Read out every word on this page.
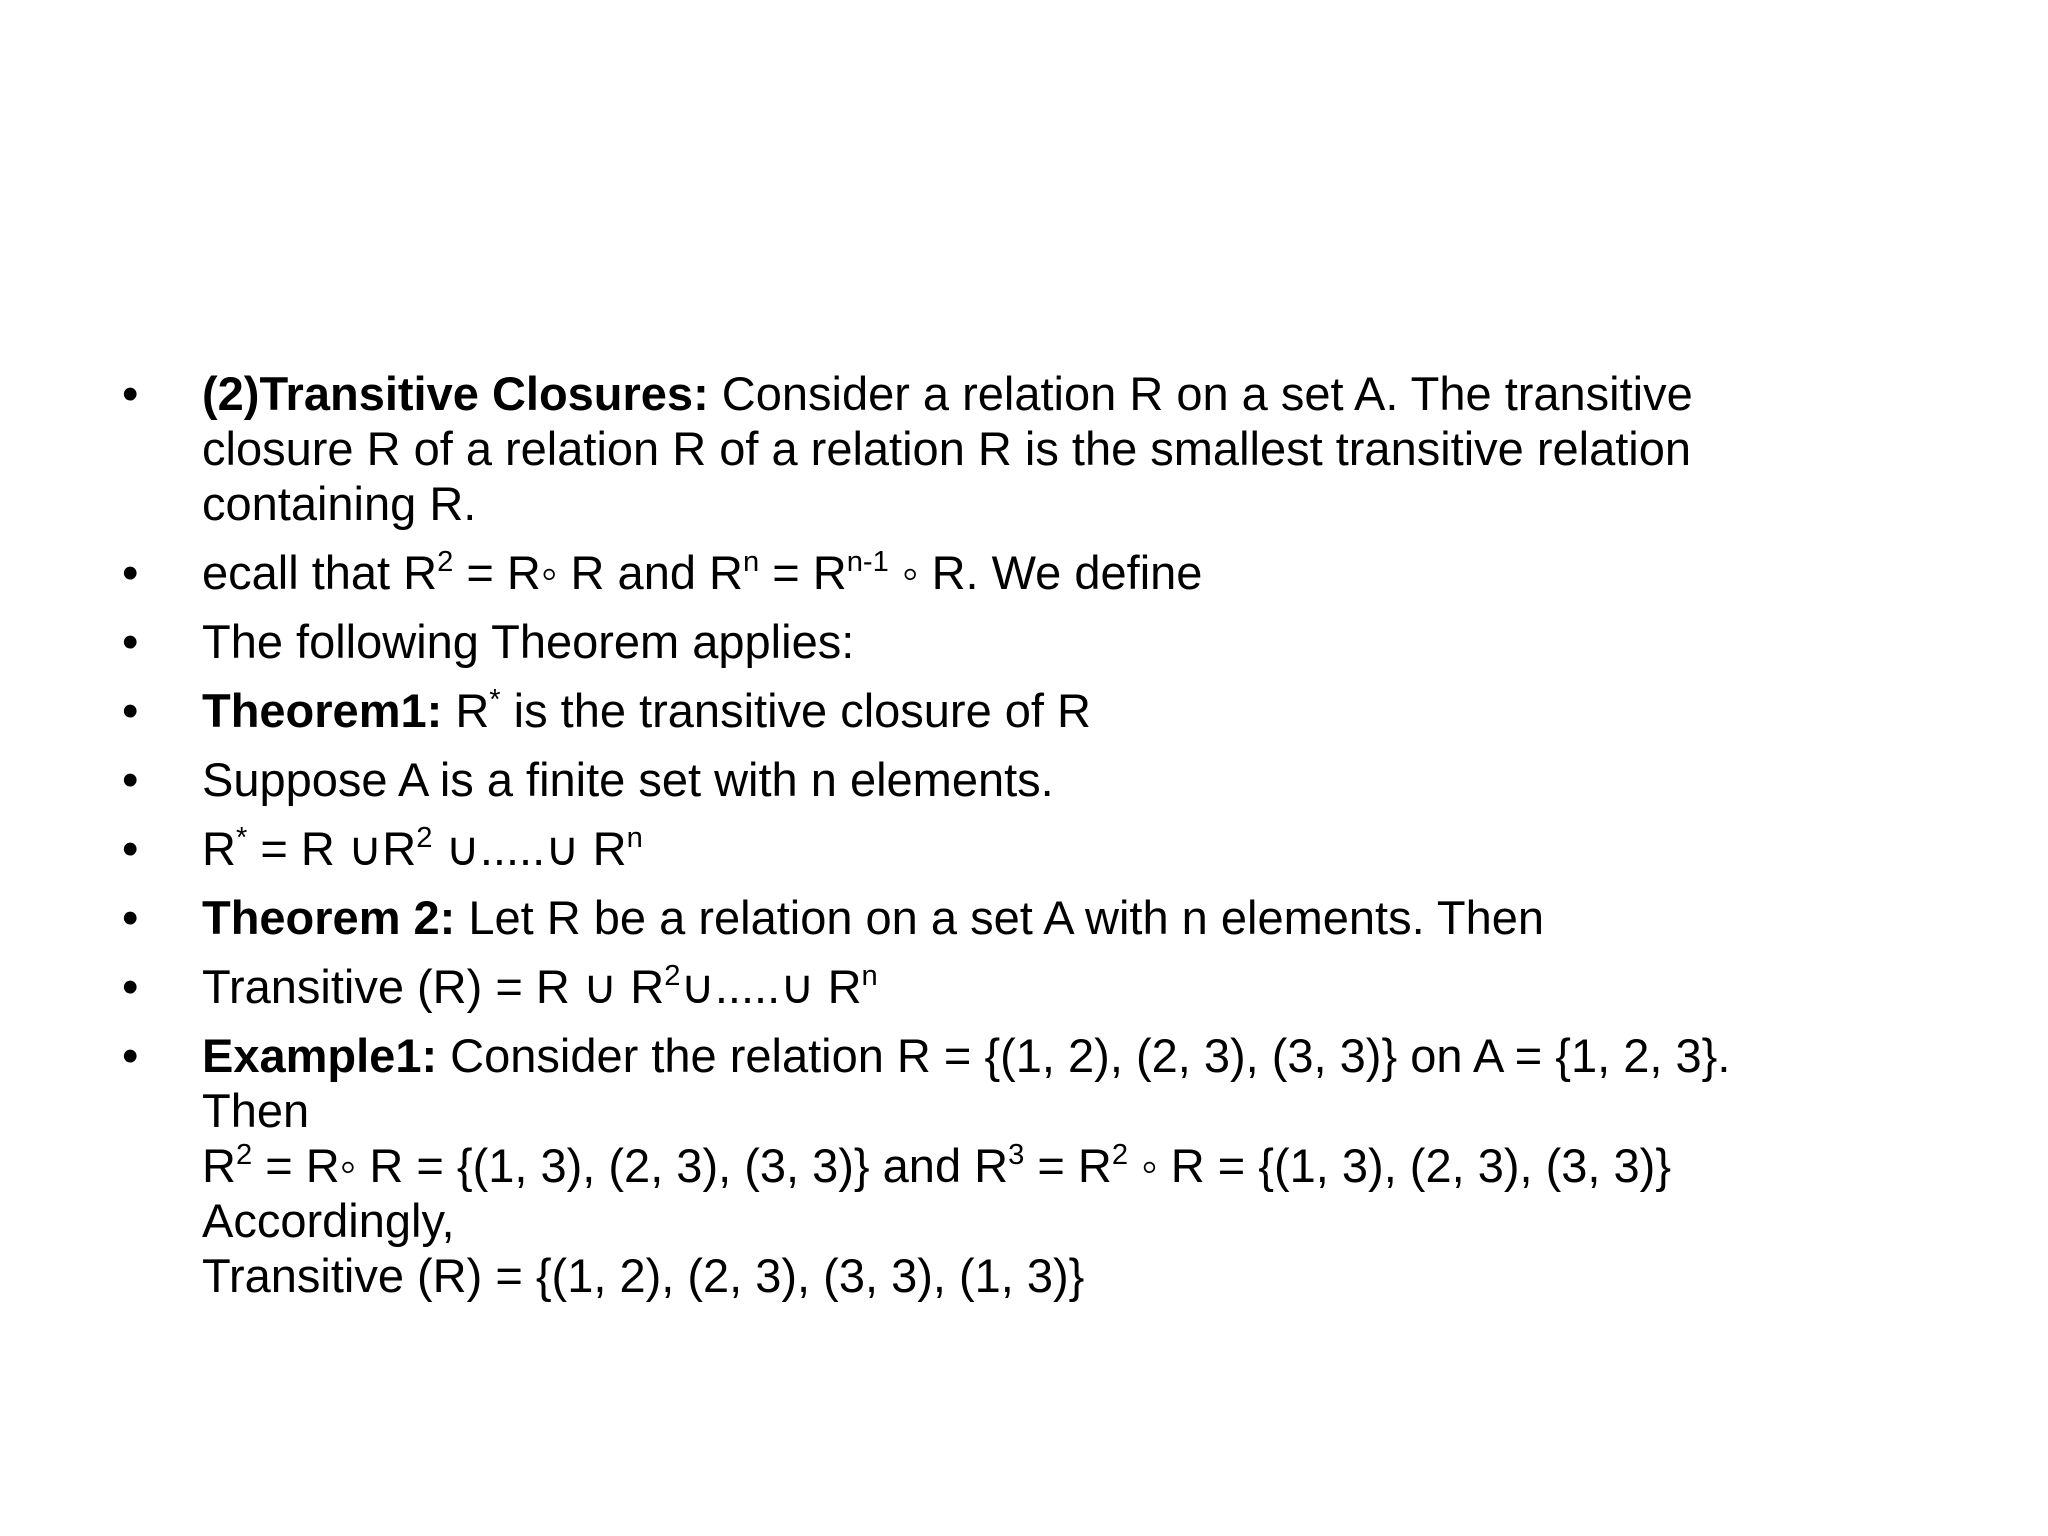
•
(2)Transitive Closures: Consider a relation R on a set A. The transitive
closure R of a relation R of a relation R is the smallest transitive relation
containing R.
•
ecall that $R^2$ = R◦ R and $R^n = R^{n-1}$ ◦ R. We define
•
The following Theorem applies:
•
Theorem1: R* is the transitive closure of R
•
Suppose A is a finite set with n elements.
•
R* = R $\cup R^2$ ∪.....∪ $R^n$
•
Theorem 2: Let R be a relation on a set A with n elements. Then
•
Transitive (R) = R ∪ $R^2\cup.....\cup$ $R^n$
•
Example1: Consider the relation R = {(1, 2), (2, 3), (3, 3)} on A = {1, 2, 3}.
Then
$R^2$ = R◦ R = {(1, 3), (2, 3), (3, 3)} and $R^3 = R^2$ ◦ R = {(1, 3), (2, 3), (3, 3)}
Accordingly,
Transitive (R) = {(1, 2), (2, 3), (3, 3), (1, 3)}
